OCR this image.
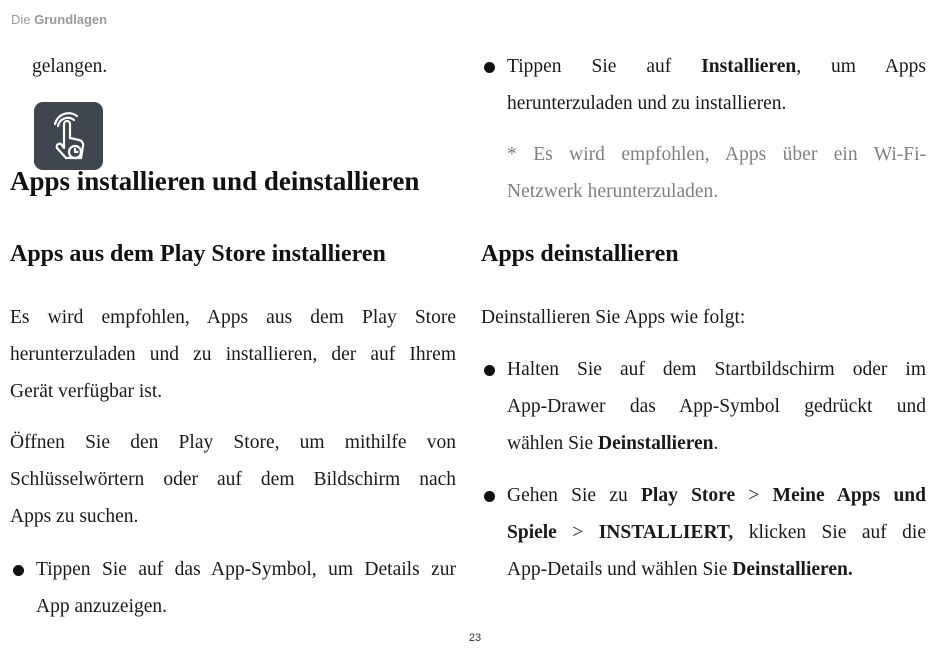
Die Grundlagen

gelangen.

Apps installieren und deinstallieren
Apps aus dem Play Store installieren

Es wird empfohlen, Apps aus dem Play Store

herunterzuladen und zu installieren, der auf Ihrem

Gerät verfügbar ist.

Öffnen Sie den Play Store, um mithilfe von

Schlüsselwörtern oder auf dem Bildschirm nach

Apps zu suchen.

Tippen Sie auf das App-Symbol, um Details zur

App anzuzeigen.

Tippen Sie auf Installieren, um Apps

herunterzuladen und zu installieren.

* Es wird empfohlen, Apps über ein Wi-Fi-

Netzwerk herunterzuladen.

Apps deinstallieren

Deinstallieren Sie Apps wie folgt:

Halten Sie auf dem Startbildschirm oder im

App-Drawer das App-Symbol gedrückt und

wählen Sie Deinstallieren.

Gehen Sie zu Play Store > Meine Apps und

Spiele > INSTALLIERT, klicken Sie auf die

App-Details und wählen Sie Deinstallieren.

23
